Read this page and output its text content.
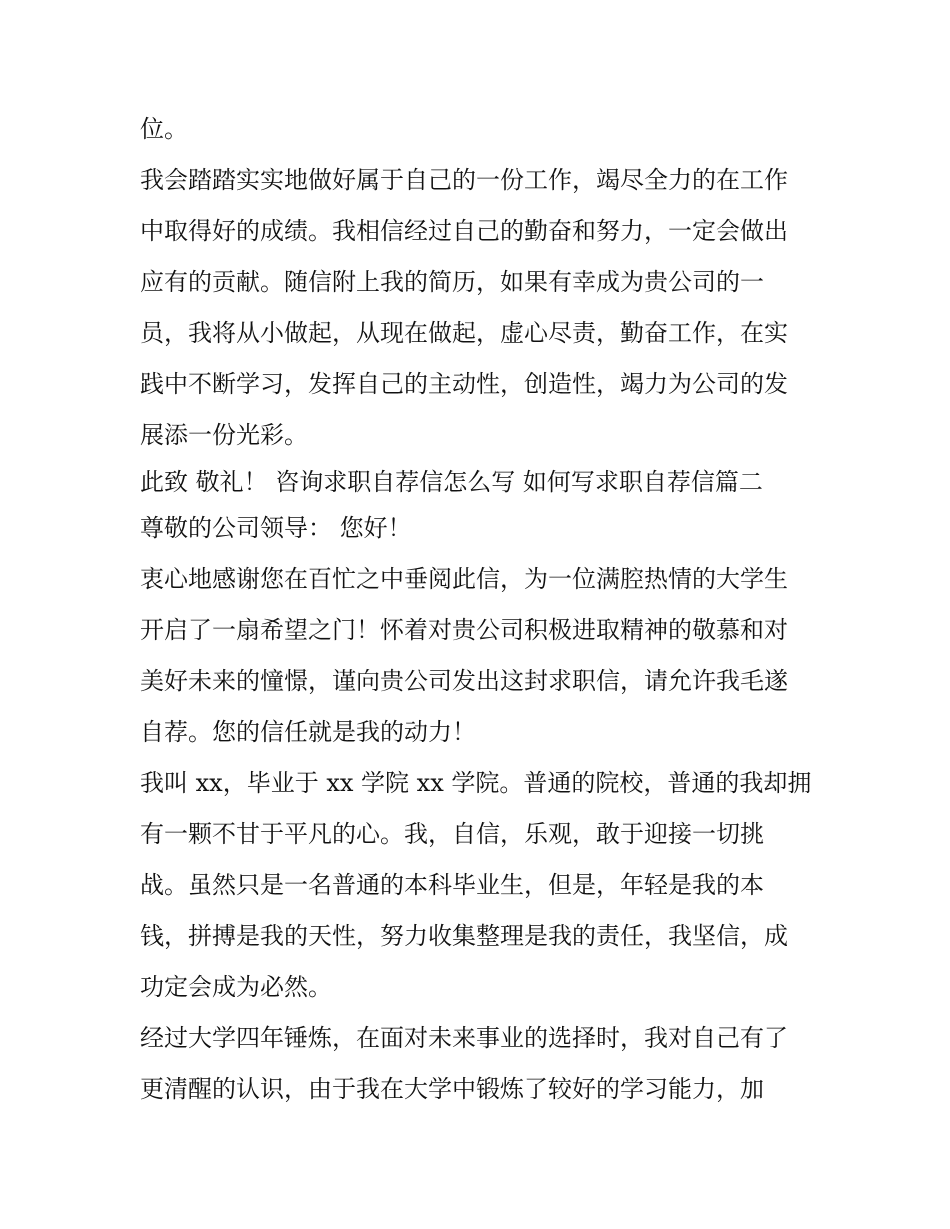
位。
我会踏踏实实地做好属于自己的一份工作，竭尽全力的在工作
中取得好的成绩。我相信经过自己的勤奋和努力，一定会做出
应有的贡献。随信附上我的简历，如果有幸成为贵公司的一
员，我将从小做起，从现在做起，虚心尽责，勤奋工作，在实
践中不断学习，发挥自己的主动性，创造性，竭力为公司的发
展添一份光彩。
此致 敬礼！ 咨询求职自荐信怎么写 如何写求职自荐信篇二
尊敬的公司领导： 您好！
衷心地感谢您在百忙之中垂阅此信，为一位满腔热情的大学生
开启了一扇希望之门！怀着对贵公司积极进取精神的敬慕和对
美好未来的憧憬，谨向贵公司发出这封求职信，请允许我毛遂
自荐。您的信任就是我的动力！
我叫 xx，毕业于 xx 学院 xx 学院。普通的院校，普通的我却拥
有一颗不甘于平凡的心。我，自信，乐观，敢于迎接一切挑
战。虽然只是一名普通的本科毕业生，但是，年轻是我的本
钱，拼搏是我的天性，努力收集整理是我的责任，我坚信，成
功定会成为必然。
经过大学四年锤炼，在面对未来事业的选择时，我对自己有了
更清醒的认识，由于我在大学中锻炼了较好的学习能力，加
